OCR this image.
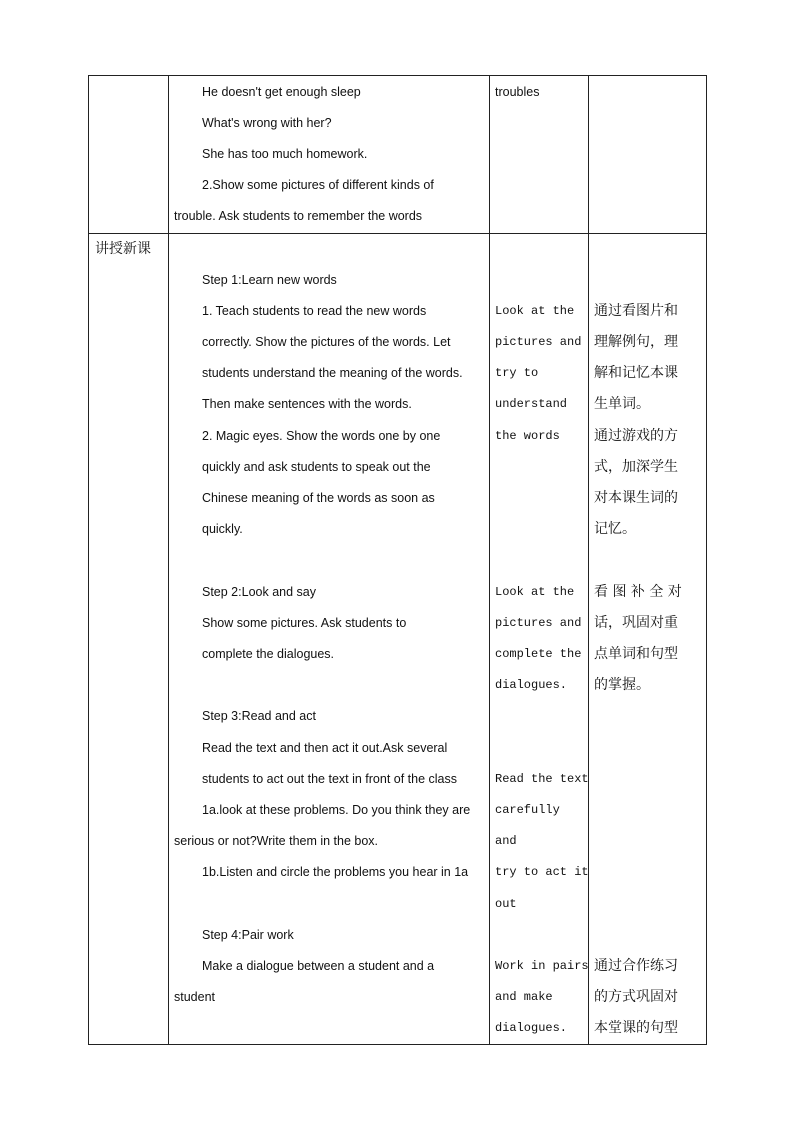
He doesn't get enough sleep
What's wrong with her?
She has too much homework.
2.Show some pictures of different kinds of
trouble. Ask students to remember the words
troubles
讲授新课
Step 1:Learn new words
1. Teach students to read the new words
correctly. Show the pictures of the words. Let
students understand the meaning of the words.
Then make sentences with the words.
2. Magic eyes. Show the words one by one
quickly and ask students to speak out the
Chinese meaning of the words as soon as
quickly.
Step 2:Look and say
Show some pictures. Ask students to
complete the dialogues.
Step 3:Read and act
Read the text and then act it out.Ask several
students to act out the text in front of the class
1a.look at these problems. Do you think they are
serious or not?Write them in the box.
1b.Listen and circle the problems you hear in 1a
Step 4:Pair work
Make a dialogue between a student and a
student
Look at the
pictures and
try to
understand
the words
Look at the
pictures and
complete the
dialogues.
Read the text
carefully
and
try to act it
out
Work in pairs
and make
dialogues.
通过看图片和
理解例句，理
解和记忆本课
生单词。
通过游戏的方
式，加深学生
对本课生词的
记忆。
看 图 补 全 对
话，巩固对重
点单词和句型
的掌握。
通过合作练习
的方式巩固对
本堂课的句型
